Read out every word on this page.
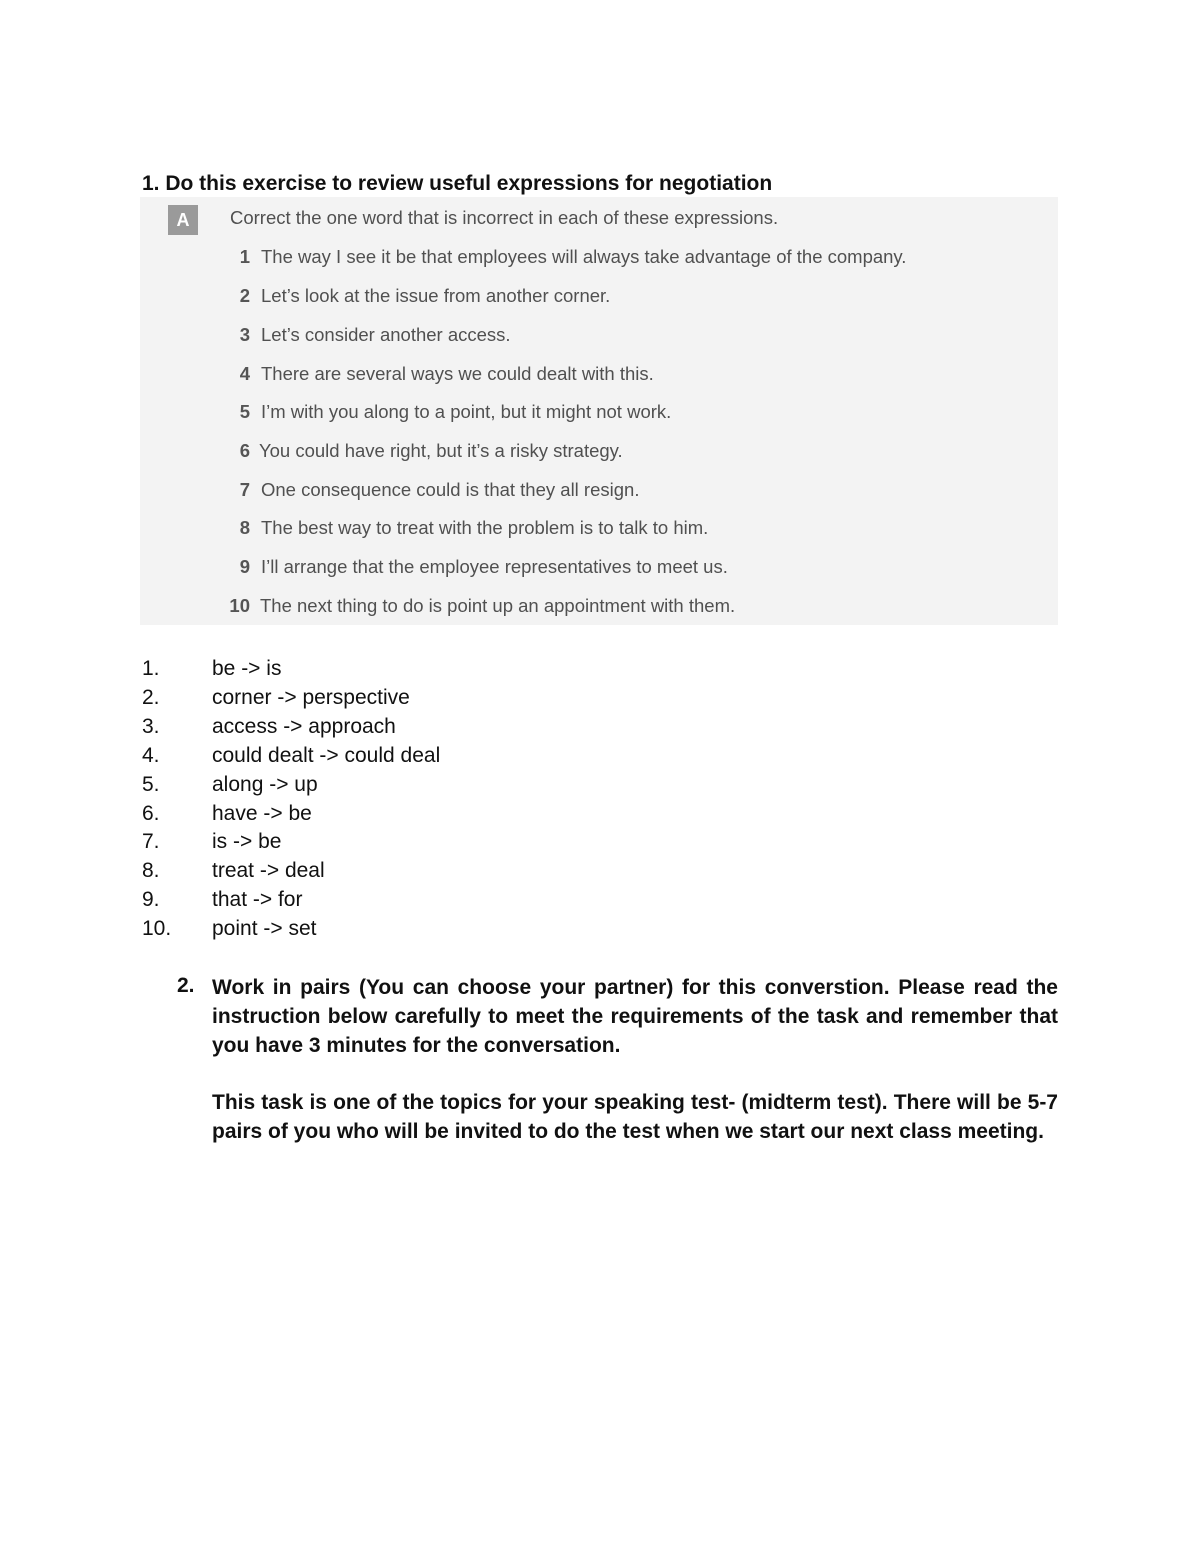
1. Do this exercise to review useful expressions for negotiation
A	Correct the one word that is incorrect in each of these expressions.
1 The way I see it be that employees will always take advantage of the company.
2 Let’s look at the issue from another corner.
3 Let’s consider another access.
4 There are several ways we could dealt with this.
5 I’m with you along to a point, but it might not work.
6 You could have right, but it’s a risky strategy.
7 One consequence could is that they all resign.
8 The best way to treat with the problem is to talk to him.
9 I’ll arrange that the employee representatives to meet us.
10 The next thing to do is point up an appointment with them.
1. be -> is
2. corner -> perspective
3. access -> approach
4. could dealt -> could deal
5. along -> up
6. have -> be
7. is -> be
8. treat -> deal
9. that -> for
10. point -> set
2. Work in pairs (You can choose your partner) for this converstion. Please read the instruction below carefully to meet the requirements of the task and remember that you have 3 minutes for the conversation.
This task is one of the topics for your speaking test- (midterm test). There will be 5-7 pairs of you who will be invited to do the test when we start our next class meeting.
